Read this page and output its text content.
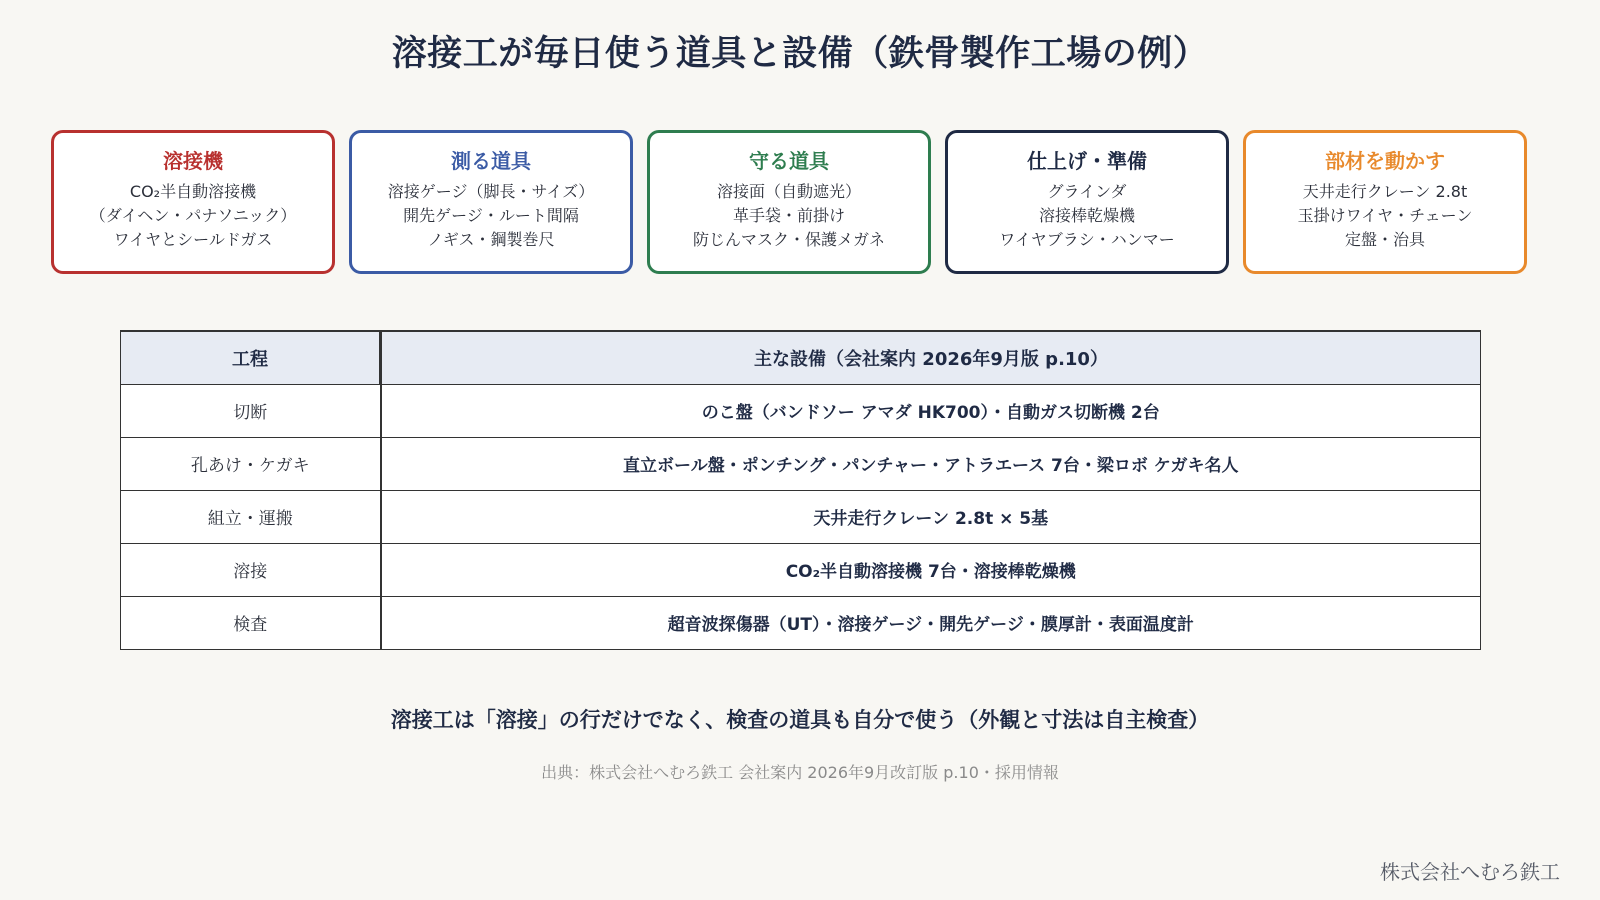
溶接工が毎日使う道具と設備（鉄骨製作工場の例）
溶接機
CO₂半自動溶接機
（ダイヘン・パナソニック）
ワイヤとシールドガス
測る道具
溶接ゲージ（脚長・サイズ）
開先ゲージ・ルート間隔
ノギス・鋼製巻尺
守る道具
溶接面（自動遮光）
革手袋・前掛け
防じんマスク・保護メガネ
仕上げ・準備
グラインダ
溶接棒乾燥機
ワイヤブラシ・ハンマー
部材を動かす
天井走行クレーン 2.8t
玉掛けワイヤ・チェーン
定盤・治具
工程	主な設備（会社案内 2026年9月版 p.10）
切断	のこ盤（バンドソー アマダ HK700）・自動ガス切断機 2台
孔あけ・ケガキ	直立ボール盤・ポンチング・パンチャー・アトラエース 7台・梁ロボ ケガキ名人
組立・運搬	天井走行クレーン 2.8t × 5基
溶接	CO₂半自動溶接機 7台・溶接棒乾燥機
検査	超音波探傷器（UT）・溶接ゲージ・開先ゲージ・膜厚計・表面温度計
溶接工は「溶接」の行だけでなく、検査の道具も自分で使う（外観と寸法は自主検査）
出典：株式会社へむろ鉄工 会社案内 2026年9月改訂版 p.10・採用情報
株式会社へむろ鉄工
